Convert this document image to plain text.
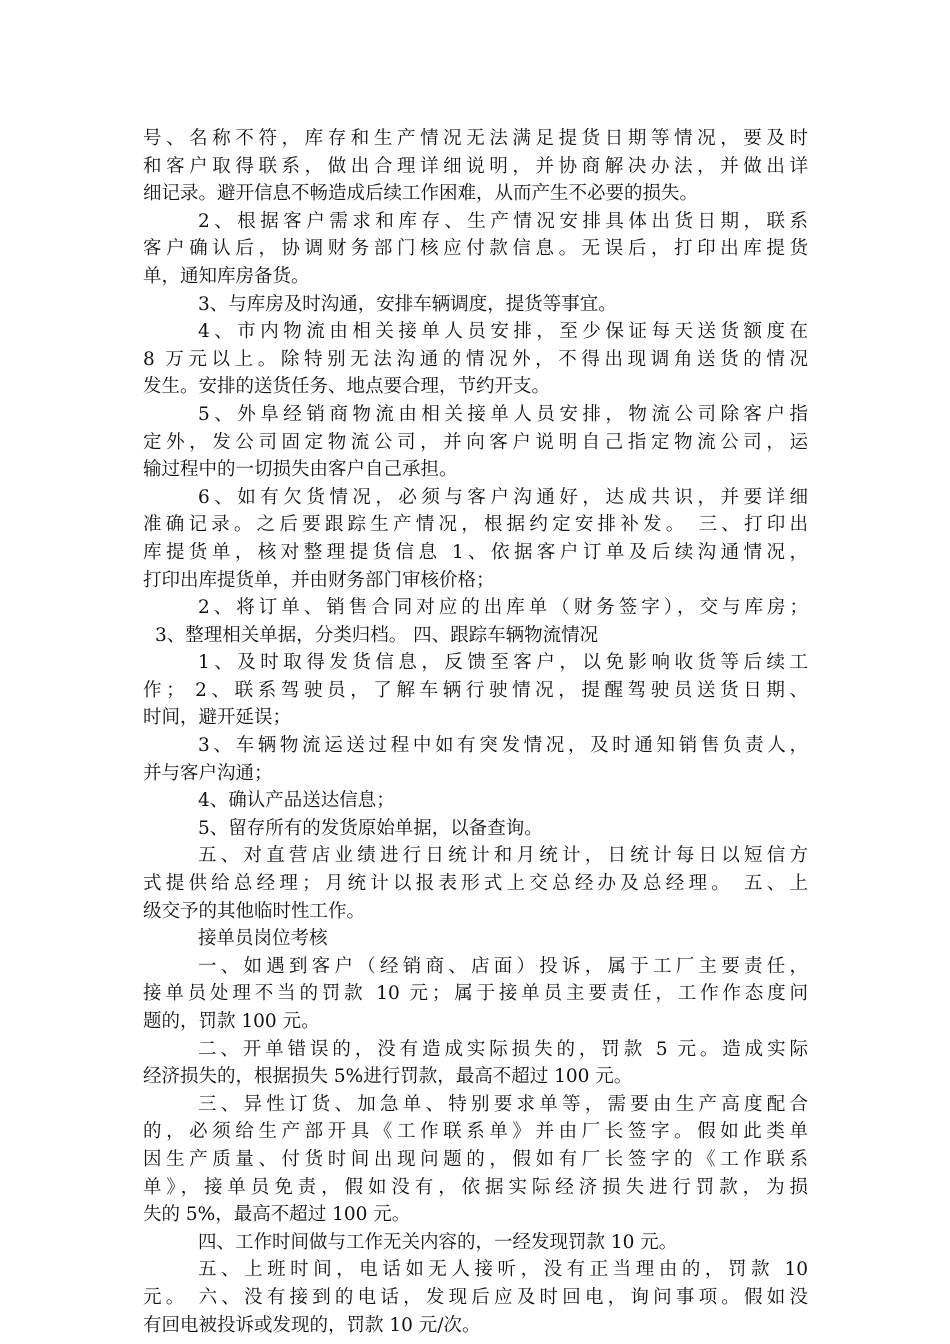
号、名称不符，库存和生产情况无法满足提货日期等情况，要及时
和客户取得联系，做出合理详细说明，并协商解决办法，并做出详
细记录。避开信息不畅造成后续工作困难，从而产生不必要的损失。
2、根据客户需求和库存、生产情况安排具体出货日期，联系
客户确认后，协调财务部门核应付款信息。无误后，打印出库提货
单，通知库房备货。
3、与库房及时沟通，安排车辆调度，提货等事宜。
4、市内物流由相关接单人员安排，至少保证每天送货额度在
8 万元以上。除特别无法沟通的情况外，不得出现调角送货的情况
发生。安排的送货任务、地点要合理，节约开支。
5、外阜经销商物流由相关接单人员安排，物流公司除客户指
定外，发公司固定物流公司，并向客户说明自己指定物流公司，运
输过程中的一切损失由客户自己承担。
6、如有欠货情况，必须与客户沟通好，达成共识，并要详细
准确记录。之后要跟踪生产情况，根据约定安排补发。 三、打印出
库提货单，核对整理提货信息 1、依据客户订单及后续沟通情况，
打印出库提货单，并由财务部门审核价格；
2、将订单、销售合同对应的出库单（财务签字），交与库房；
3、整理相关单据，分类归档。 四、跟踪车辆物流情况
1、及时取得发货信息，反馈至客户，以免影响收货等后续工
作； 2、联系驾驶员，了解车辆行驶情况，提醒驾驶员送货日期、
时间，避开延误；
3、车辆物流运送过程中如有突发情况，及时通知销售负责人，
并与客户沟通；
4、确认产品送达信息；
5、留存所有的发货原始单据，以备查询。
五、对直营店业绩进行日统计和月统计，日统计每日以短信方
式提供给总经理；月统计以报表形式上交总经办及总经理。 五、上
级交予的其他临时性工作。
接单员岗位考核
一、如遇到客户（经销商、店面）投诉，属于工厂主要责任，
接单员处理不当的罚款 10 元；属于接单员主要责任，工作作态度问
题的，罚款 100 元。
二、开单错误的，没有造成实际损失的，罚款 5 元。造成实际
经济损失的，根据损失 5%进行罚款，最高不超过 100 元。
三、异性订货、加急单、特别要求单等，需要由生产高度配合
的，必须给生产部开具《工作联系单》并由厂长签字。假如此类单
因生产质量、付货时间出现问题的，假如有厂长签字的《工作联系
单》，接单员免责，假如没有，依据实际经济损失进行罚款，为损
失的 5%，最高不超过 100 元。
四、工作时间做与工作无关内容的，一经发现罚款 10 元。
五、上班时间，电话如无人接听，没有正当理由的，罚款 10
元。 六、没有接到的电话，发现后应及时回电，询问事项。假如没
有回电被投诉或发现的，罚款 10 元/次。
